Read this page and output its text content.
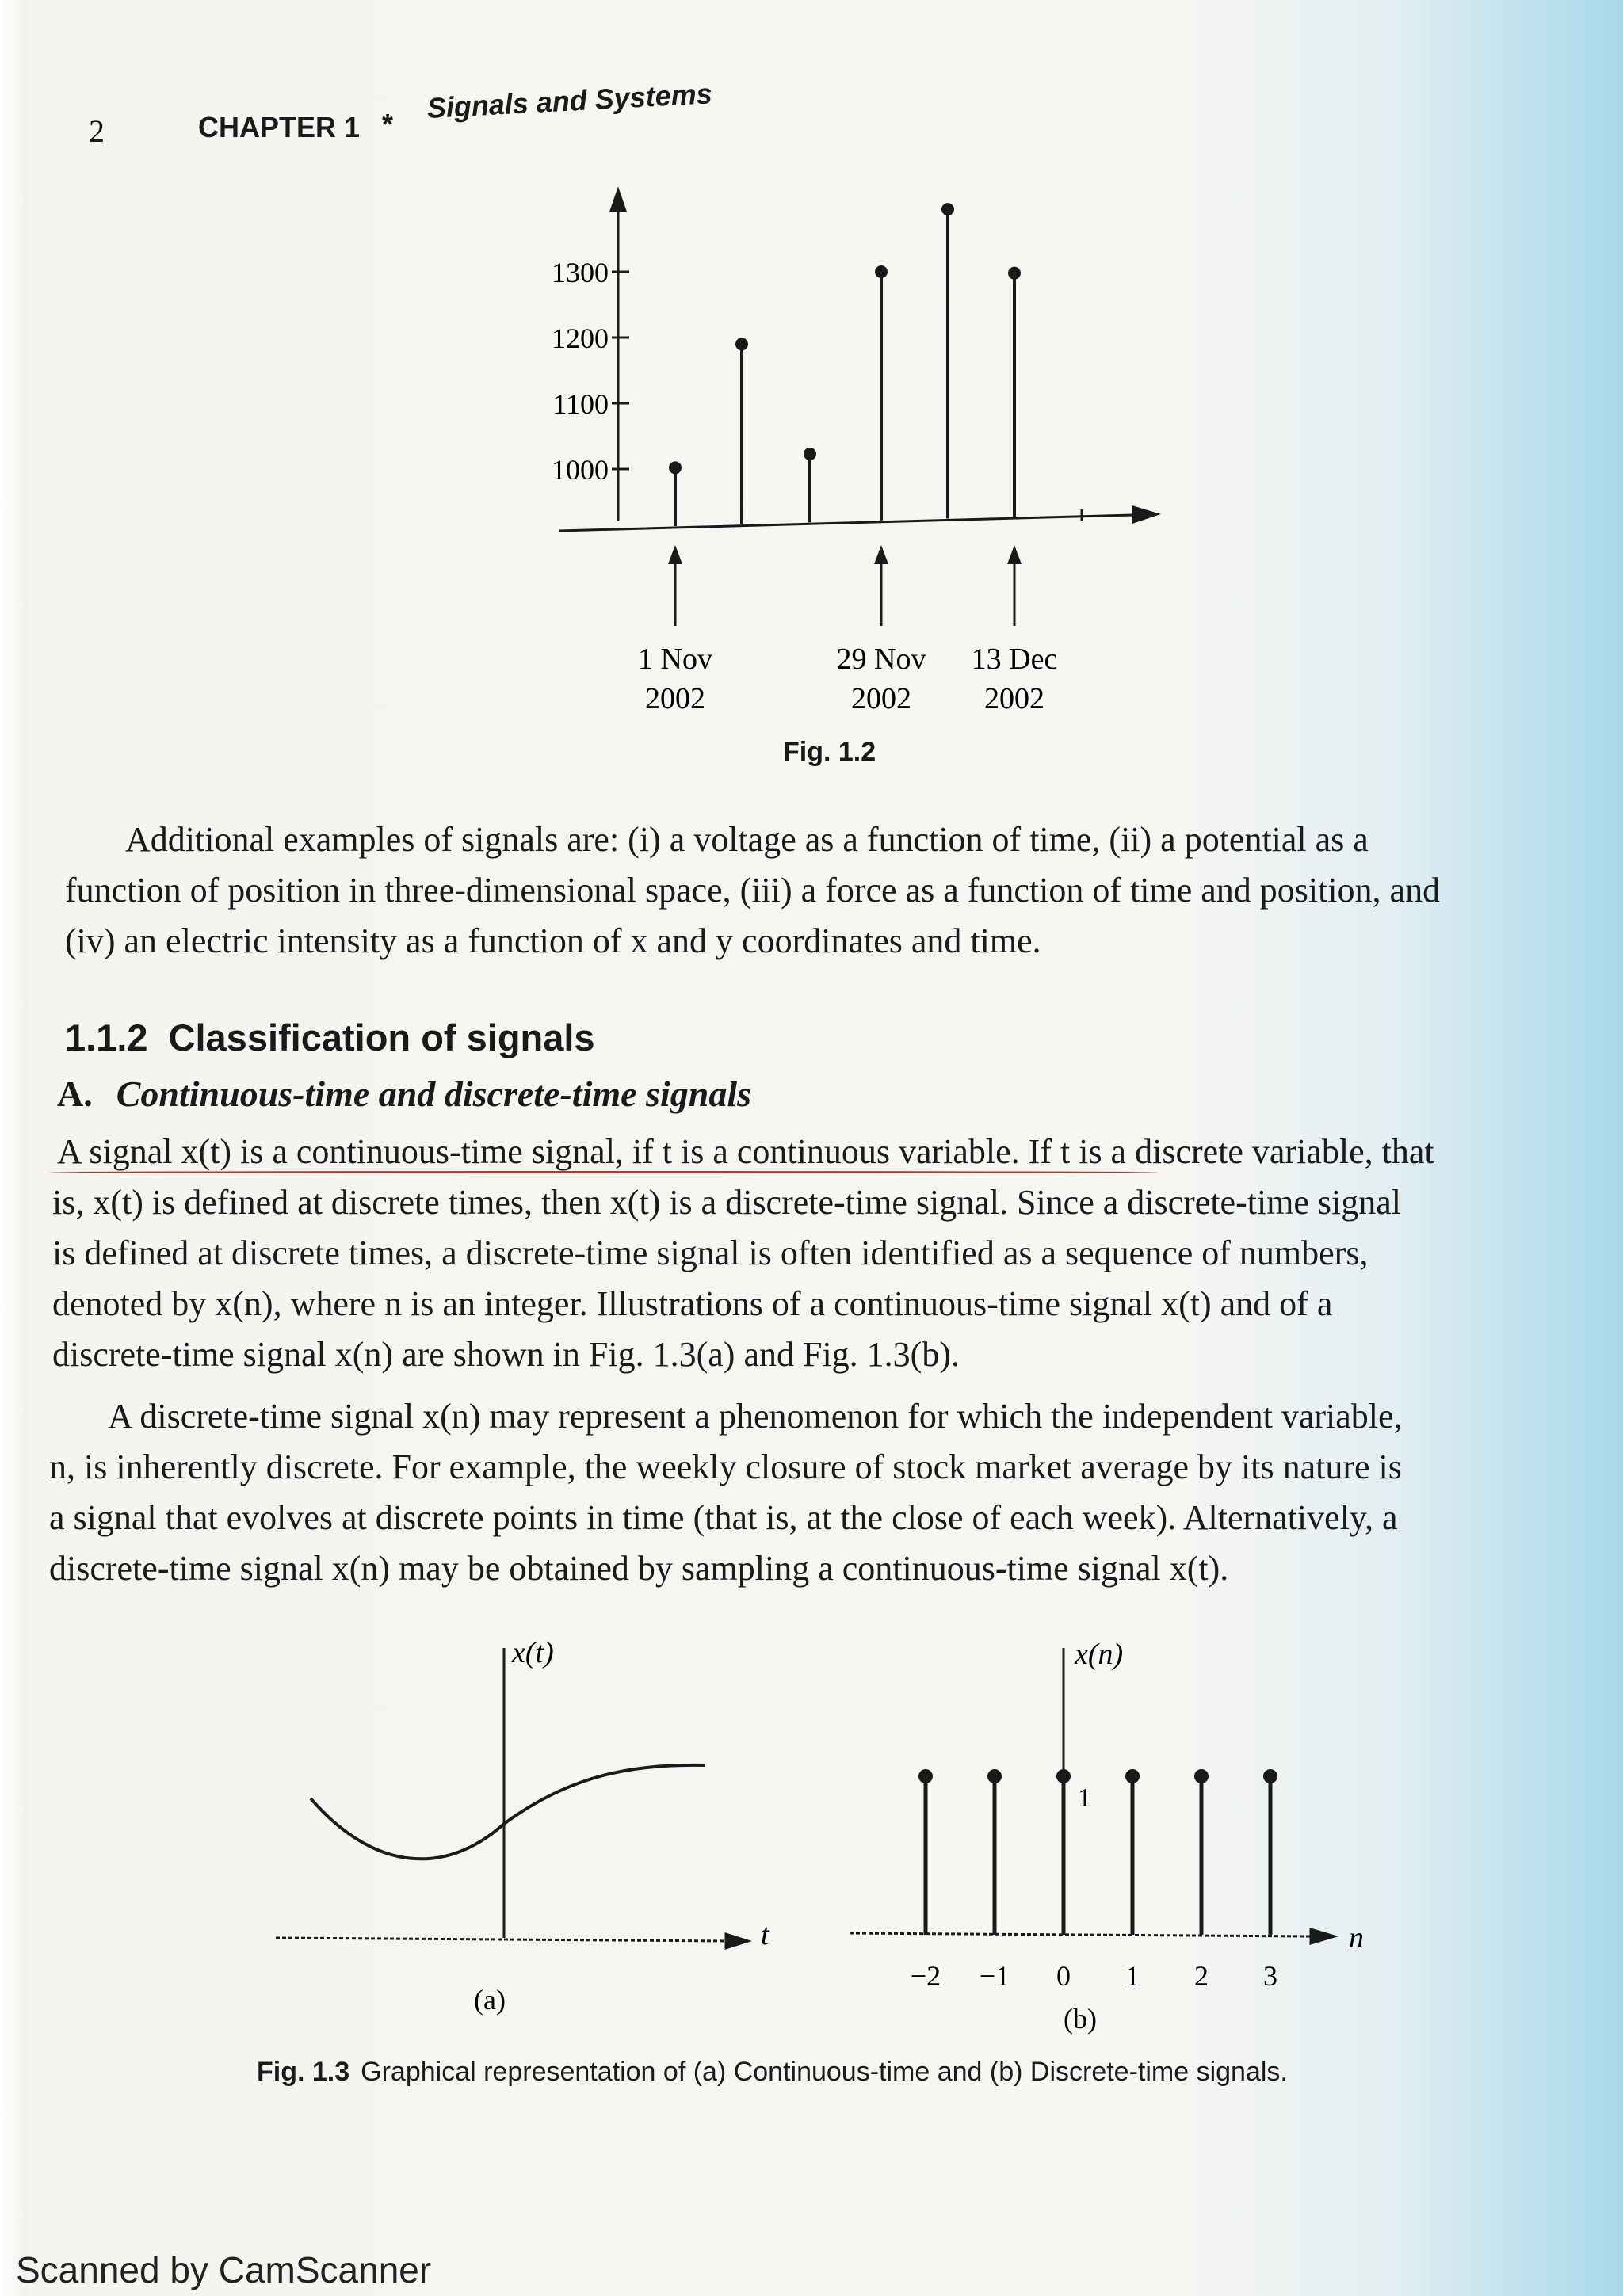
2	CHAPTER 1 * Signals and Systems
1000
1100
1200
1300
1 Nov
2002
29 Nov
2002
13 Dec
2002
Fig. 1.2
Additional examples of signals are: (i) a voltage as a function of time, (ii) a potential as a
function of position in three-dimensional space, (iii) a force as a function of time and position, and
(iv) an electric intensity as a function of x and y coordinates and time.
1.1.2 Classification of signals
A. Continuous-time and discrete-time signals
A signal x(t) is a continuous-time signal, if t is a continuous variable. If t is a discrete variable, that
is, x(t) is defined at discrete times, then x(t) is a discrete-time signal. Since a discrete-time signal
is defined at discrete times, a discrete-time signal is often identified as a sequence of numbers,
denoted by x(n), where n is an integer. Illustrations of a continuous-time signal x(t) and of a
discrete-time signal x(n) are shown in Fig. 1.3(a) and Fig. 1.3(b).
A discrete-time signal x(n) may represent a phenomenon for which the independent variable,
n, is inherently discrete. For example, the weekly closure of stock market average by its nature is
a signal that evolves at discrete points in time (that is, at the close of each week). Alternatively, a
discrete-time signal x(n) may be obtained by sampling a continuous-time signal x(t).
x(t)
t
(a)
−2 −1 0 1 2 3
x(n)
1
n
(b)
Fig. 1.3 Graphical representation of (a) Continuous-time and (b) Discrete-time signals.
Scanned by CamScanner
